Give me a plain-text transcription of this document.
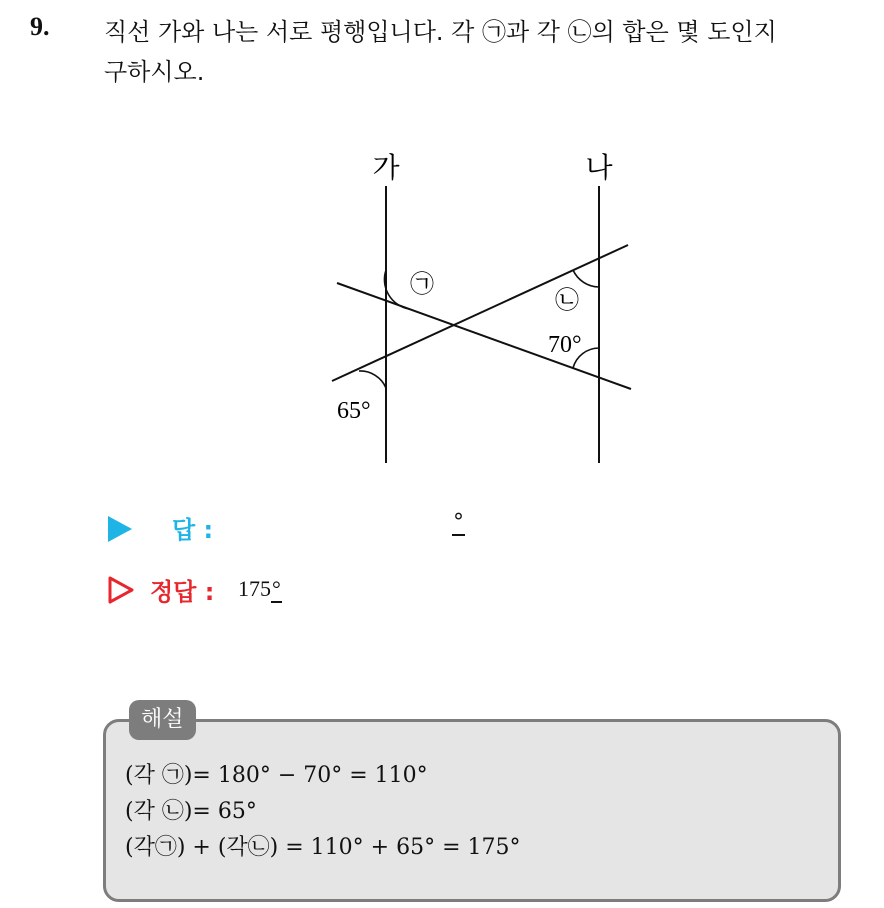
9. 직선 가와 나는 서로 평행입니다. 각 ㉠과 각 ㉡의 합은 몇 도인지
구하시오.
가	나
㉠
㉡
70°
65°
답 :	°
정답 : 175°
해설
(각 ㉠)= 180° − 70° = 110°
(각 ㉡)= 65°
(각㉠) + (각㉡) = 110° + 65° = 175°
